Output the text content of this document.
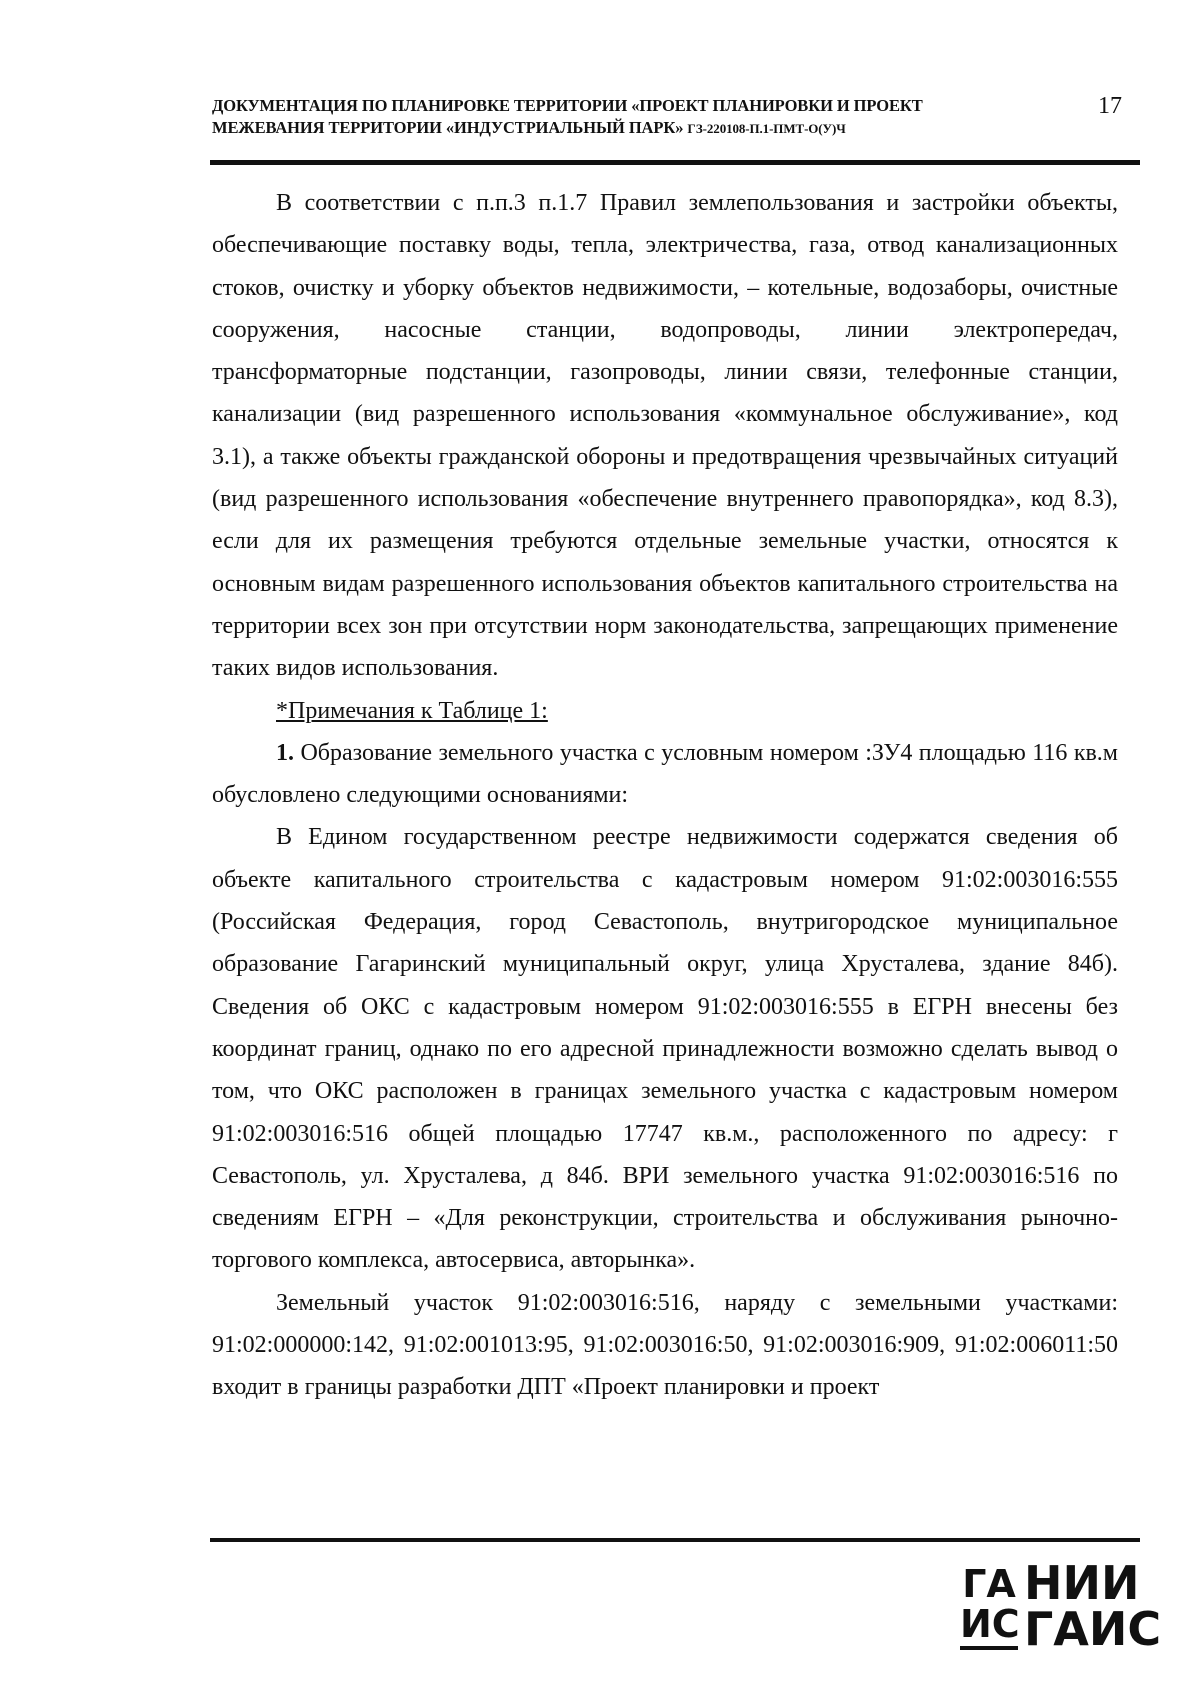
ДОКУМЕНТАЦИЯ ПО ПЛАНИРОВКЕ ТЕРРИТОРИИ «ПРОЕКТ ПЛАНИРОВКИ И ПРОЕКТ
МЕЖЕВАНИЯ ТЕРРИТОРИИ «ИНДУСТРИАЛЬНЫЙ ПАРК» ГЗ-220108-П.1-ПМТ-О(У)Ч
17

В соответствии с п.п.3 п.1.7 Правил землепользования и застройки объекты, обеспечивающие поставку воды, тепла, электричества, газа, отвод канализационных стоков, очистку и уборку объектов недвижимости, – котельные, водозаборы, очистные сооружения, насосные станции, водопроводы, линии электропередач, трансформаторные подстанции, газопроводы, линии связи, телефонные станции, канализации (вид разрешенного использования «коммунальное обслуживание», код 3.1), а также объекты гражданской обороны и предотвращения чрезвычайных ситуаций (вид разрешенного использования «обеспечение внутреннего правопорядка», код 8.3), если для их размещения требуются отдельные земельные участки, относятся к основным видам разрешенного использования объектов капитального строительства на территории всех зон при отсутствии норм законодательства, запрещающих применение таких видов использования.

*Примечания к Таблице 1:

1. Образование земельного участка с условным номером :ЗУ4 площадью 116 кв.м обусловлено следующими основаниями:

В Едином государственном реестре недвижимости содержатся сведения об объекте капитального строительства с кадастровым номером 91:02:003016:555 (Российская Федерация, город Севастополь, внутригородское муниципальное образование Гагаринский муниципальный округ, улица Хрусталева, здание 84б). Сведения об ОКС с кадастровым номером 91:02:003016:555 в ЕГРН внесены без координат границ, однако по его адресной принадлежности возможно сделать вывод о том, что ОКС расположен в границах земельного участка с кадастровым номером 91:02:003016:516 общей площадью 17747 кв.м., расположенного по адресу: г Севастополь, ул. Хрусталева, д 84б. ВРИ земельного участка 91:02:003016:516 по сведениям ЕГРН – «Для реконструкции, строительства и обслуживания рыночно-торгового комплекса, автосервиса, авторынка».

Земельный участок 91:02:003016:516, наряду с земельными участками: 91:02:000000:142, 91:02:001013:95, 91:02:003016:50, 91:02:003016:909, 91:02:006011:50 входит в границы разработки ДПТ «Проект планировки и проект

ГА
ИС
НИИ
ГАИС
